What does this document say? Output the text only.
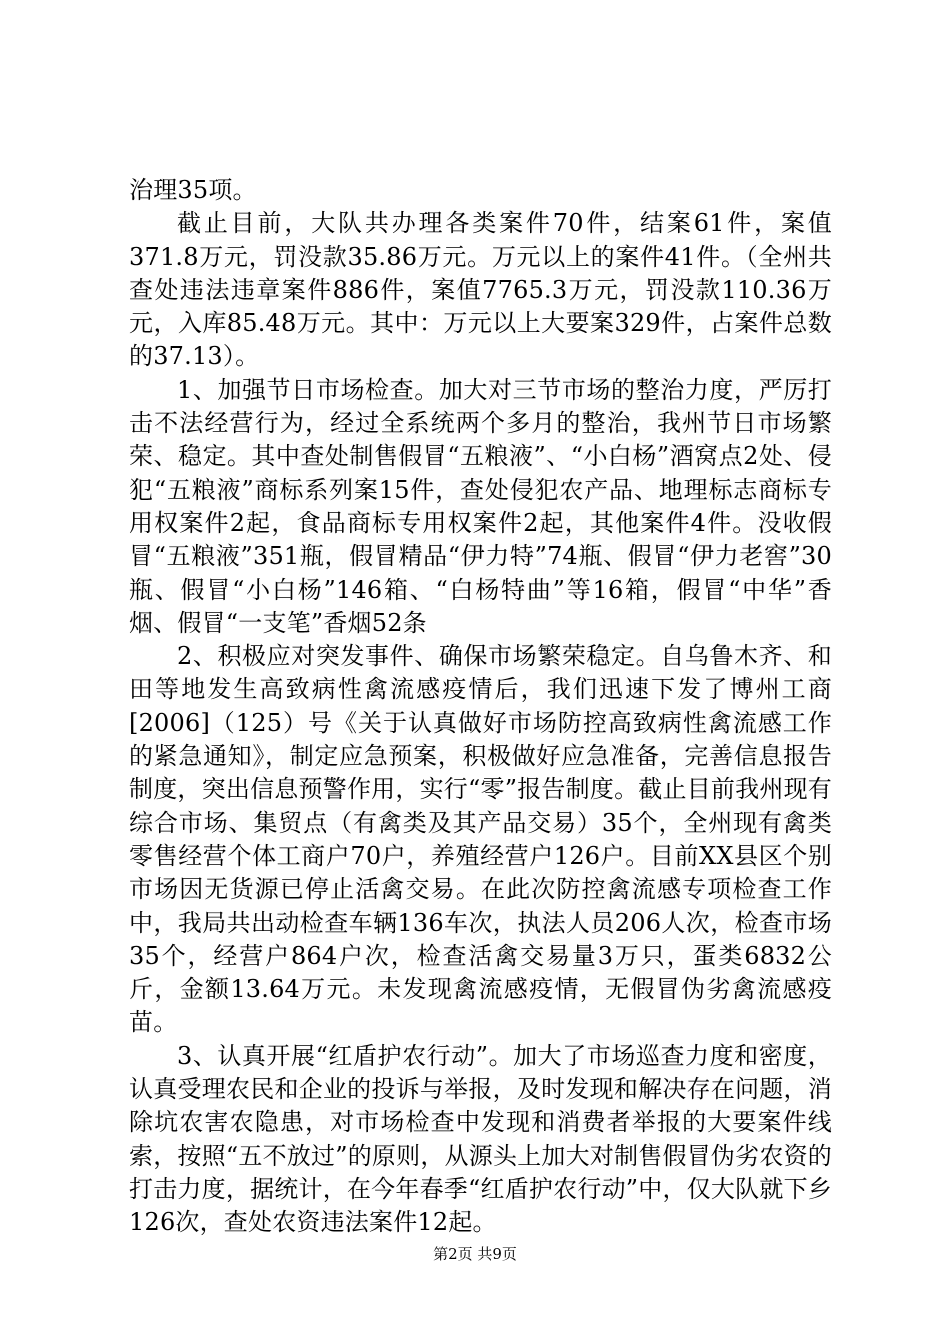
治理35项。

截止目前，大队共办理各类案件70件，结案61件，案值371.8万元，罚没款35.86万元。万元以上的案件41件。（全州共查处违法违章案件886件，案值7765.3万元，罚没款110.36万元，入库85.48万元。其中：万元以上大要案329件，占案件总数的37.13）。

1、加强节日市场检查。加大对三节市场的整治力度，严厉打击不法经营行为，经过全系统两个多月的整治，我州节日市场繁荣、稳定。其中查处制售假冒“五粮液”、“小白杨”酒窝点2处、侵犯“五粮液”商标系列案15件，查处侵犯农产品、地理标志商标专用权案件2起，食品商标专用权案件2起，其他案件4件。没收假冒“五粮液”351瓶，假冒精品“伊力特”74瓶、假冒“伊力老窖”30瓶、假冒“小白杨”146箱、“白杨特曲”等16箱，假冒“中华”香烟、假冒“一支笔”香烟52条

2、积极应对突发事件、确保市场繁荣稳定。自乌鲁木齐、和田等地发生高致病性禽流感疫情后，我们迅速下发了博州工商[2006]（125）号《关于认真做好市场防控高致病性禽流感工作的紧急通知》，制定应急预案，积极做好应急准备，完善信息报告制度，突出信息预警作用，实行“零”报告制度。截止目前我州现有综合市场、集贸点（有禽类及其产品交易）35个，全州现有禽类零售经营个体工商户70户，养殖经营户126户。目前XX县区个别市场因无货源已停止活禽交易。在此次防控禽流感专项检查工作中，我局共出动检查车辆136车次，执法人员206人次，检查市场35个，经营户864户次，检查活禽交易量3万只，蛋类6832公斤，金额13.64万元。未发现禽流感疫情，无假冒伪劣禽流感疫苗。

3、认真开展“红盾护农行动”。加大了市场巡查力度和密度，认真受理农民和企业的投诉与举报，及时发现和解决存在问题，消除坑农害农隐患，对市场检查中发现和消费者举报的大要案件线索，按照“五不放过”的原则，从源头上加大对制售假冒伪劣农资的打击力度，据统计，在今年春季“红盾护农行动”中，仅大队就下乡126次，查处农资违法案件12起。

第2页 共9页
